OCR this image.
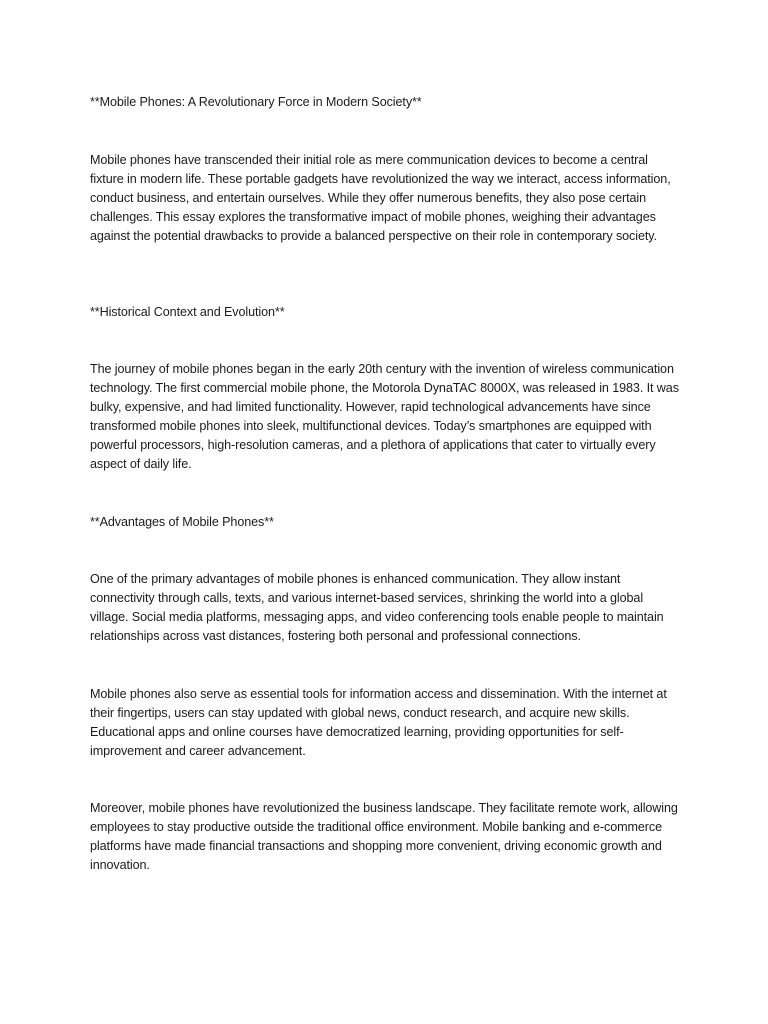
**Mobile Phones: A Revolutionary Force in Modern Society**

Mobile phones have transcended their initial role as mere communication devices to become a central fixture in modern life. These portable gadgets have revolutionized the way we interact, access information, conduct business, and entertain ourselves. While they offer numerous benefits, they also pose certain challenges. This essay explores the transformative impact of mobile phones, weighing their advantages against the potential drawbacks to provide a balanced perspective on their role in contemporary society.

**Historical Context and Evolution**

The journey of mobile phones began in the early 20th century with the invention of wireless communication technology. The first commercial mobile phone, the Motorola DynaTAC 8000X, was released in 1983. It was bulky, expensive, and had limited functionality. However, rapid technological advancements have since transformed mobile phones into sleek, multifunctional devices. Today’s smartphones are equipped with powerful processors, high-resolution cameras, and a plethora of applications that cater to virtually every aspect of daily life.

**Advantages of Mobile Phones**

One of the primary advantages of mobile phones is enhanced communication. They allow instant connectivity through calls, texts, and various internet-based services, shrinking the world into a global village. Social media platforms, messaging apps, and video conferencing tools enable people to maintain relationships across vast distances, fostering both personal and professional connections.

Mobile phones also serve as essential tools for information access and dissemination. With the internet at their fingertips, users can stay updated with global news, conduct research, and acquire new skills. Educational apps and online courses have democratized learning, providing opportunities for self-improvement and career advancement.

Moreover, mobile phones have revolutionized the business landscape. They facilitate remote work, allowing employees to stay productive outside the traditional office environment. Mobile banking and e-commerce platforms have made financial transactions and shopping more convenient, driving economic growth and innovation.
